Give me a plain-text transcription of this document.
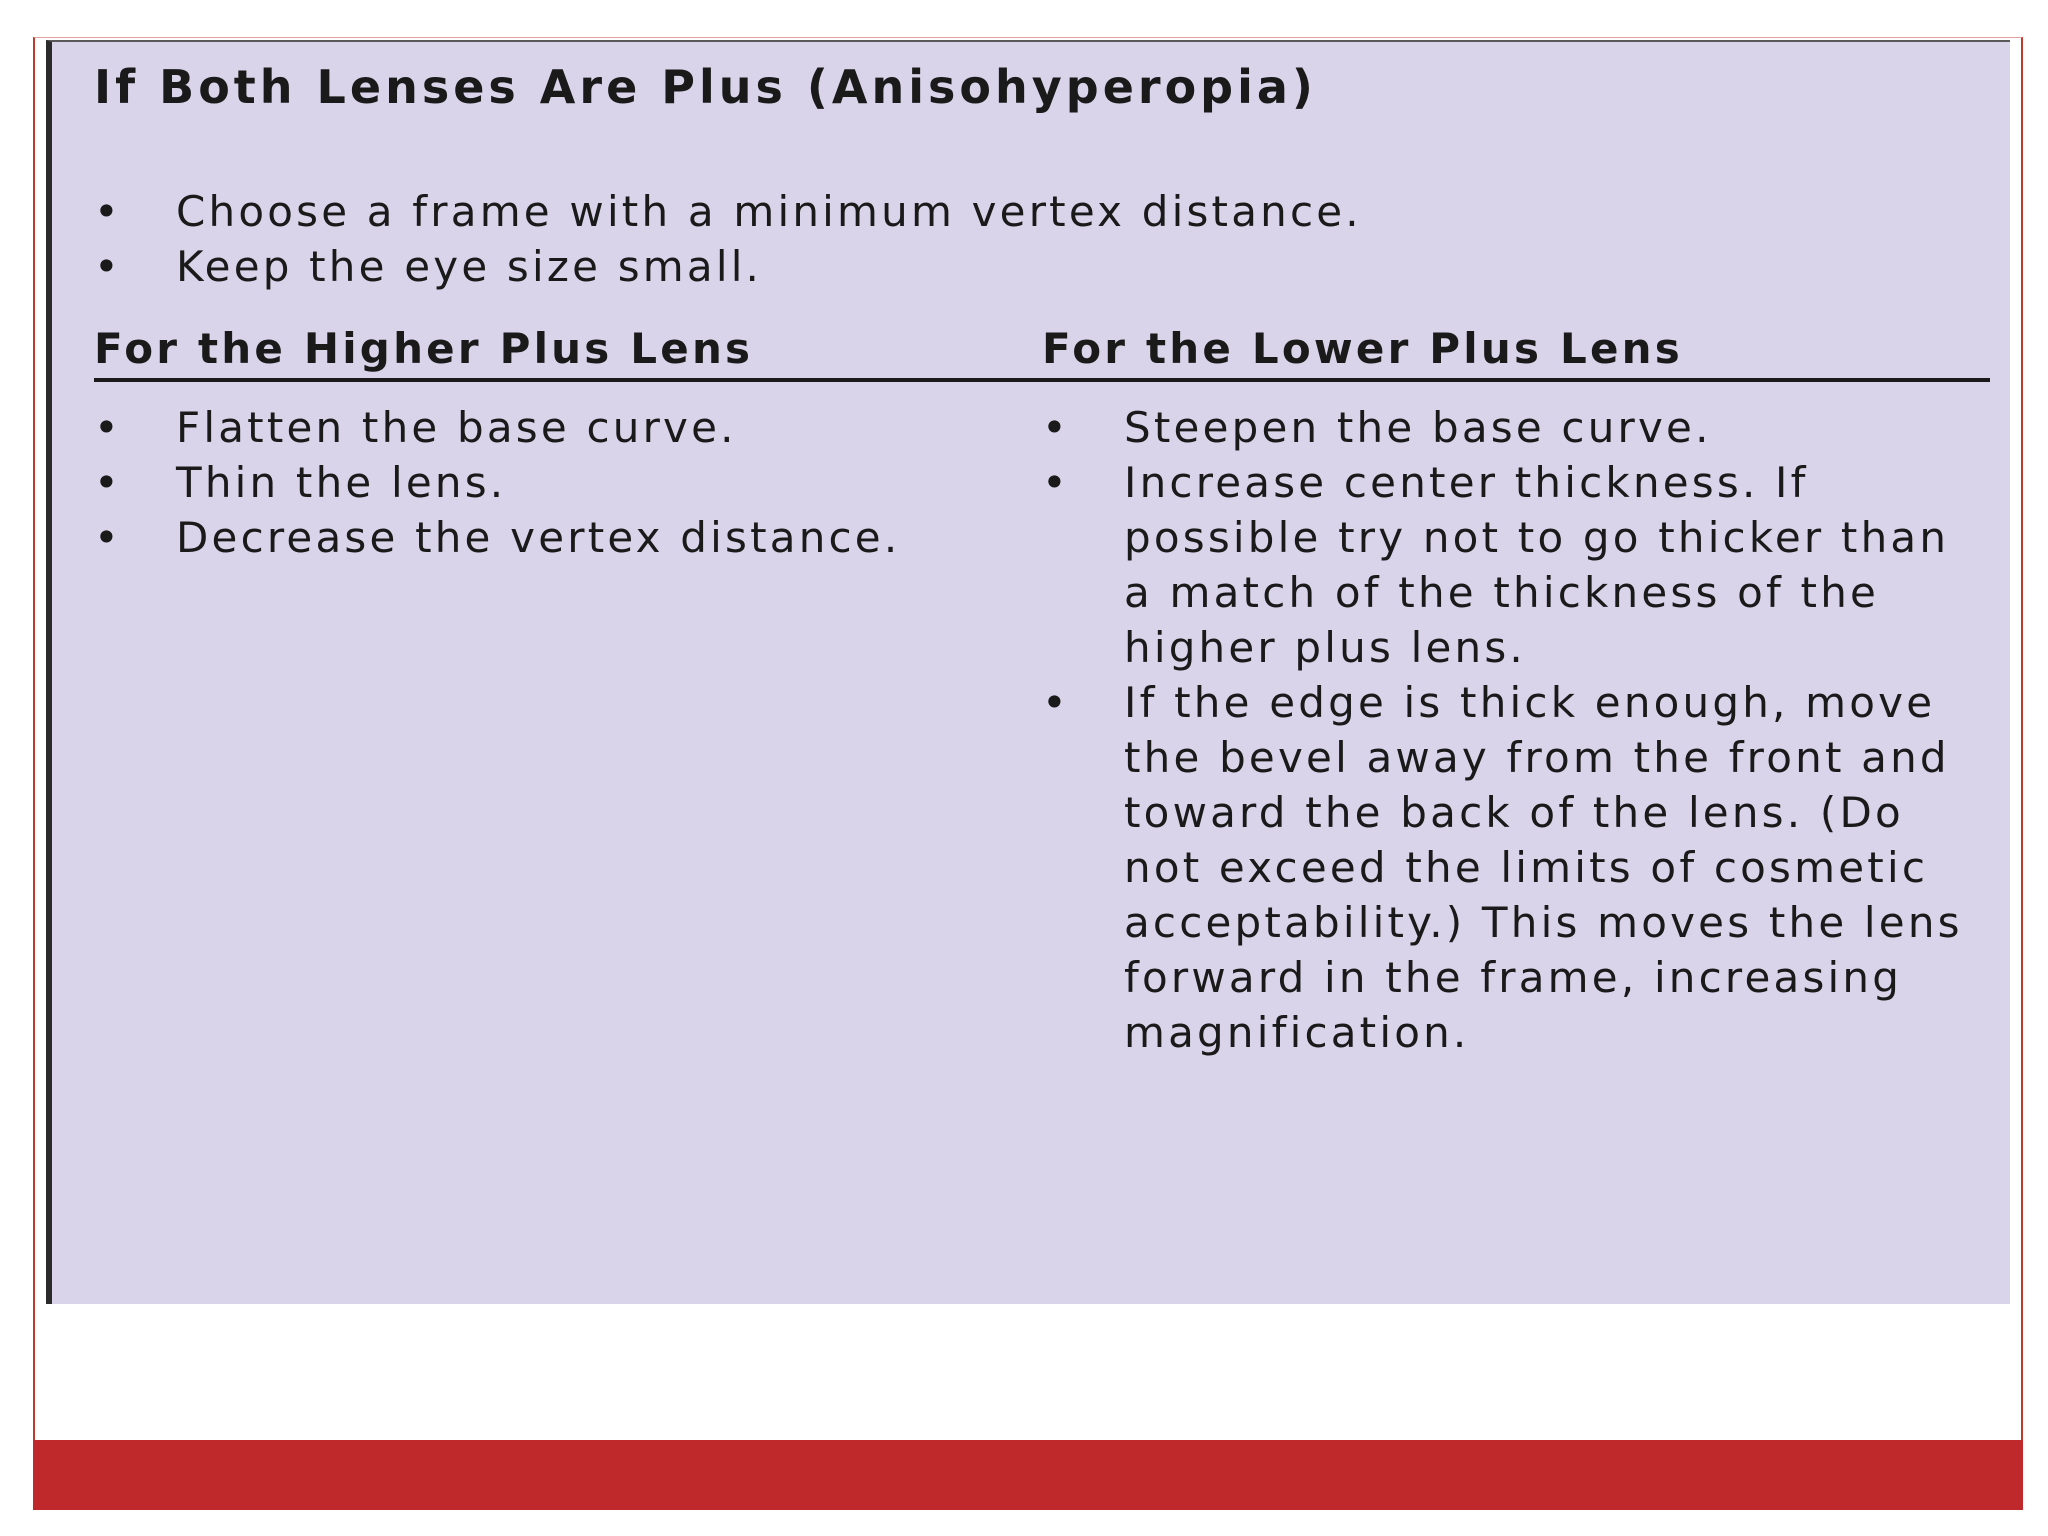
If Both Lenses Are Plus (Anisohyperopia)
• Choose a frame with a minimum vertex distance.
• Keep the eye size small.
For the Higher Plus Lens	For the Lower Plus Lens
• Flatten the base curve.
• Thin the lens.
• Decrease the vertex distance.
• Steepen the base curve.
• Increase center thickness. If possible try not to go thicker than a match of the thickness of the higher plus lens.
• If the edge is thick enough, move the bevel away from the front and toward the back of the lens. (Do not exceed the limits of cosmetic acceptability.) This moves the lens forward in the frame, increasing magnification.
